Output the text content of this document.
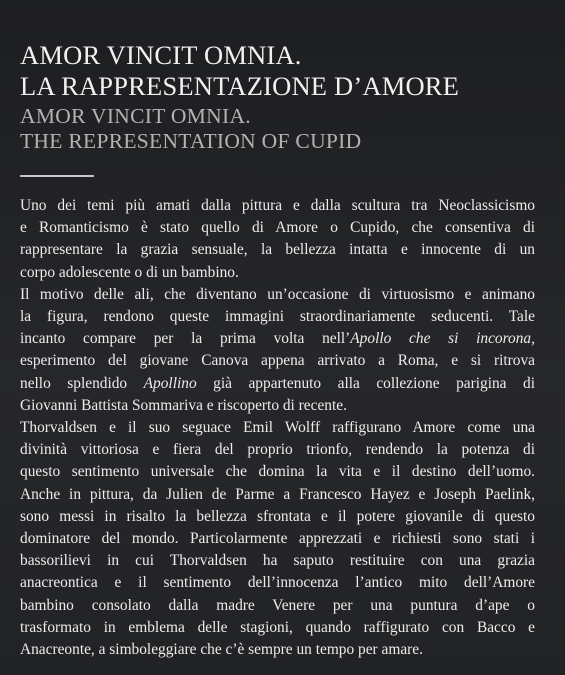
AMOR VINCIT OMNIA.
LA RAPPRESENTAZIONE D’AMORE
AMOR VINCIT OMNIA.
THE REPRESENTATION OF CUPID
Uno dei temi più amati dalla pittura e dalla scultura tra Neoclassicismo
e Romanticismo è stato quello di Amore o Cupido, che consentiva di
rappresentare la grazia sensuale, la bellezza intatta e innocente di un
corpo adolescente o di un bambino.
Il motivo delle ali, che diventano un’occasione di virtuosismo e animano
la figura, rendono queste immagini straordinariamente seducenti. Tale
incanto compare per la prima volta nell’Apollo che si incorona,
esperimento del giovane Canova appena arrivato a Roma, e si ritrova
nello splendido Apollino già appartenuto alla collezione parigina di
Giovanni Battista Sommariva e riscoperto di recente.
Thorvaldsen e il suo seguace Emil Wolff raffigurano Amore come una
divinità vittoriosa e fiera del proprio trionfo, rendendo la potenza di
questo sentimento universale che domina la vita e il destino dell’uomo.
Anche in pittura, da Julien de Parme a Francesco Hayez e Joseph Paelink,
sono messi in risalto la bellezza sfrontata e il potere giovanile di questo
dominatore del mondo. Particolarmente apprezzati e richiesti sono stati i
bassorilievi in cui Thorvaldsen ha saputo restituire con una grazia
anacreontica e il sentimento dell’innocenza l’antico mito dell’Amore
bambino consolato dalla madre Venere per una puntura d’ape o
trasformato in emblema delle stagioni, quando raffigurato con Bacco e
Anacreonte, a simboleggiare che c’è sempre un tempo per amare.
